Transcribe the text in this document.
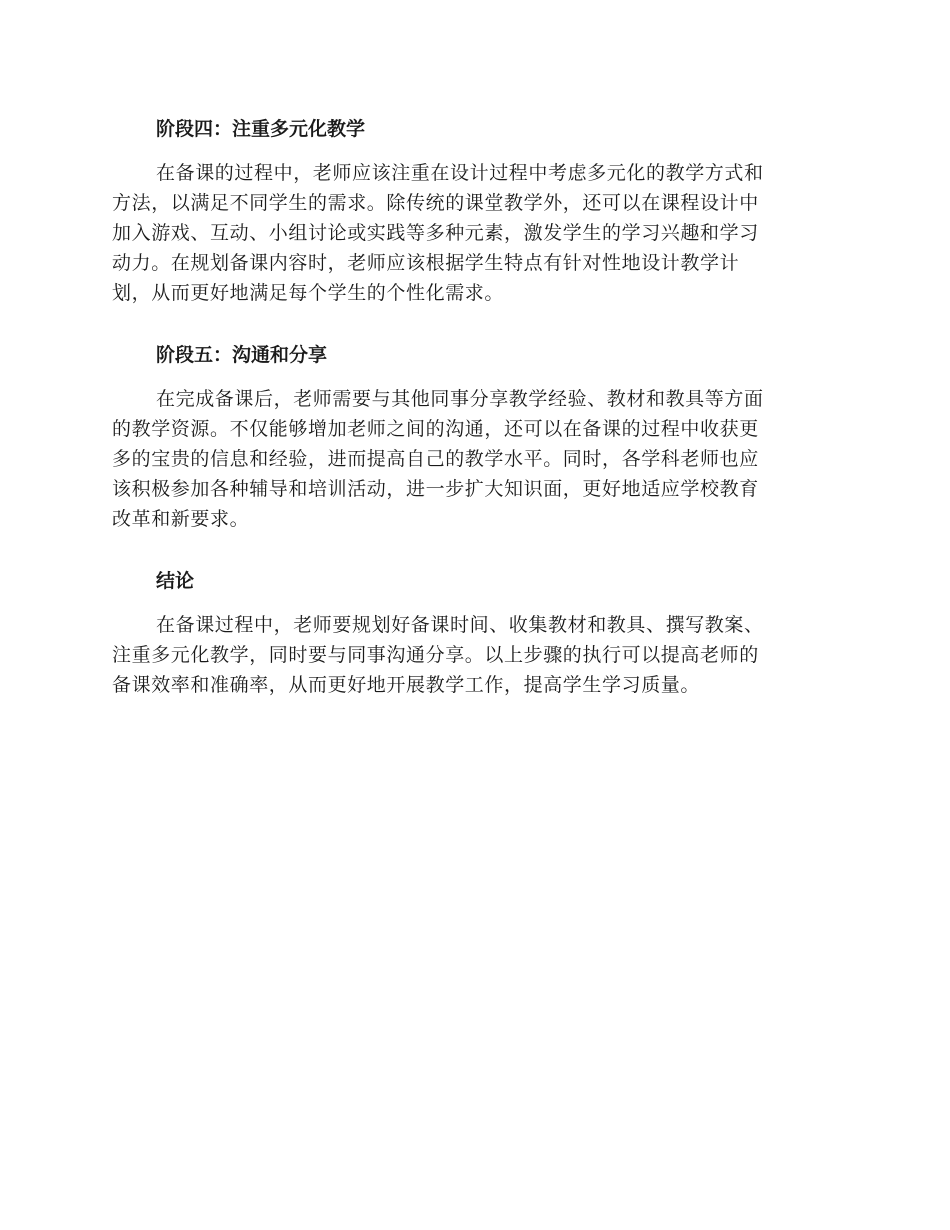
阶段四：注重多元化教学
在备课的过程中，老师应该注重在设计过程中考虑多元化的教学方式和
方法，以满足不同学生的需求。除传统的课堂教学外，还可以在课程设计中
加入游戏、互动、小组讨论或实践等多种元素，激发学生的学习兴趣和学习
动力。在规划备课内容时，老师应该根据学生特点有针对性地设计教学计
划，从而更好地满足每个学生的个性化需求。
阶段五：沟通和分享
在完成备课后，老师需要与其他同事分享教学经验、教材和教具等方面
的教学资源。不仅能够增加老师之间的沟通，还可以在备课的过程中收获更
多的宝贵的信息和经验，进而提高自己的教学水平。同时，各学科老师也应
该积极参加各种辅导和培训活动，进一步扩大知识面，更好地适应学校教育
改革和新要求。
结论
在备课过程中，老师要规划好备课时间、收集教材和教具、撰写教案、
注重多元化教学，同时要与同事沟通分享。以上步骤的执行可以提高老师的
备课效率和准确率，从而更好地开展教学工作，提高学生学习质量。
